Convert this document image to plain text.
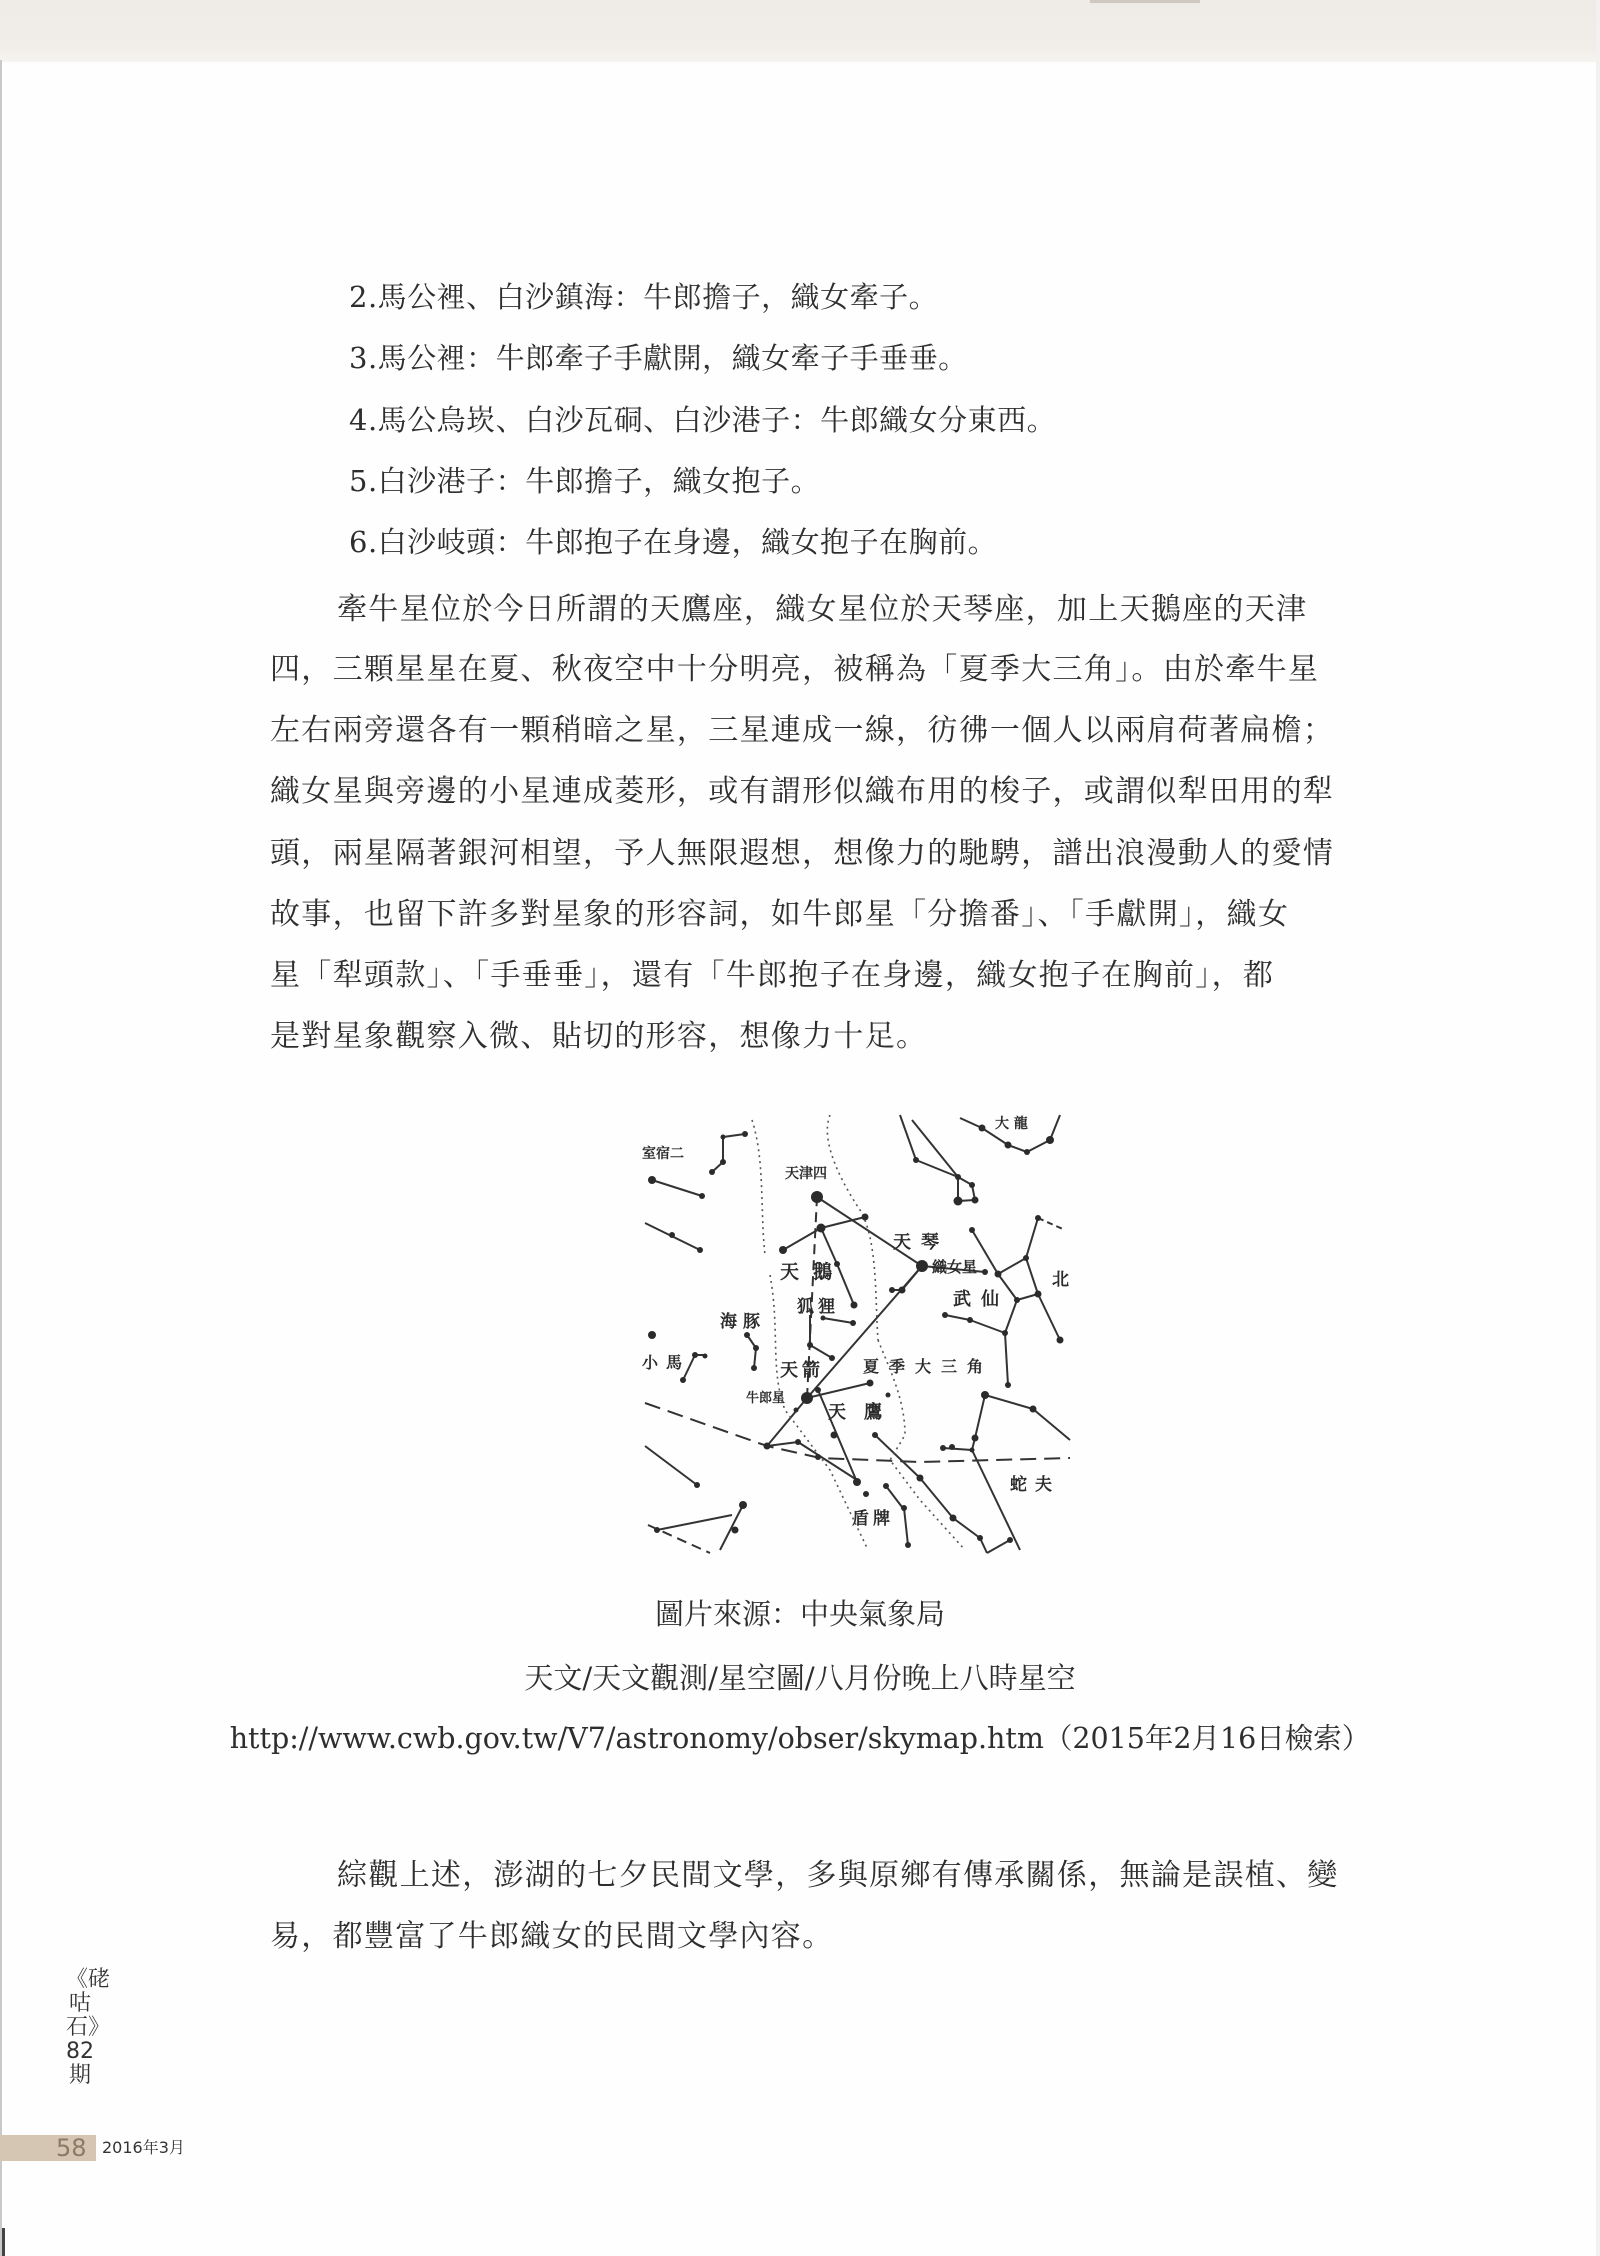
2.馬公裡、白沙鎮海：牛郎擔子，織女牽子。
3.馬公裡：牛郎牽子手獻開，織女牽子手垂垂。
4.馬公烏崁、白沙瓦硐、白沙港子：牛郎織女分東西。
5.白沙港子：牛郎擔子，織女抱子。
6.白沙岐頭：牛郎抱子在身邊，織女抱子在胸前。
牽牛星位於今日所謂的天鷹座，織女星位於天琴座，加上天鵝座的天津
四，三顆星星在夏、秋夜空中十分明亮，被稱為「夏季大三角」。由於牽牛星
左右兩旁還各有一顆稍暗之星，三星連成一線，彷彿一個人以兩肩荷著扁檐；
織女星與旁邊的小星連成菱形，或有謂形似織布用的梭子，或謂似犁田用的犁
頭，兩星隔著銀河相望，予人無限遐想，想像力的馳騁，譜出浪漫動人的愛情
故事，也留下許多對星象的形容詞，如牛郎星「分擔番」、「手獻開」，織女
星「犁頭款」、「手垂垂」，還有「牛郎抱子在身邊，織女抱子在胸前」，都
是對星象觀察入微、貼切的形容，想像力十足。
室宿二
天津四
天鵝
狐狸
海豚
小馬	天箭
牛郎星
天鷹
夏季大三角
天琴
織女星
武仙
北
大 龍
蛇夫
盾牌
圖片來源：中央氣象局
天文/天文觀測/星空圖/八月份晚上八時星空
http://www.cwb.gov.tw/V7/astronomy/obser/skymap.htm（2015年2月16日檢索）
綜觀上述，澎湖的七夕民間文學，多與原鄉有傳承關係，無論是誤植、變
易，都豐富了牛郎織女的民間文學內容。
《硓咕石》82期
58 2016年3月
